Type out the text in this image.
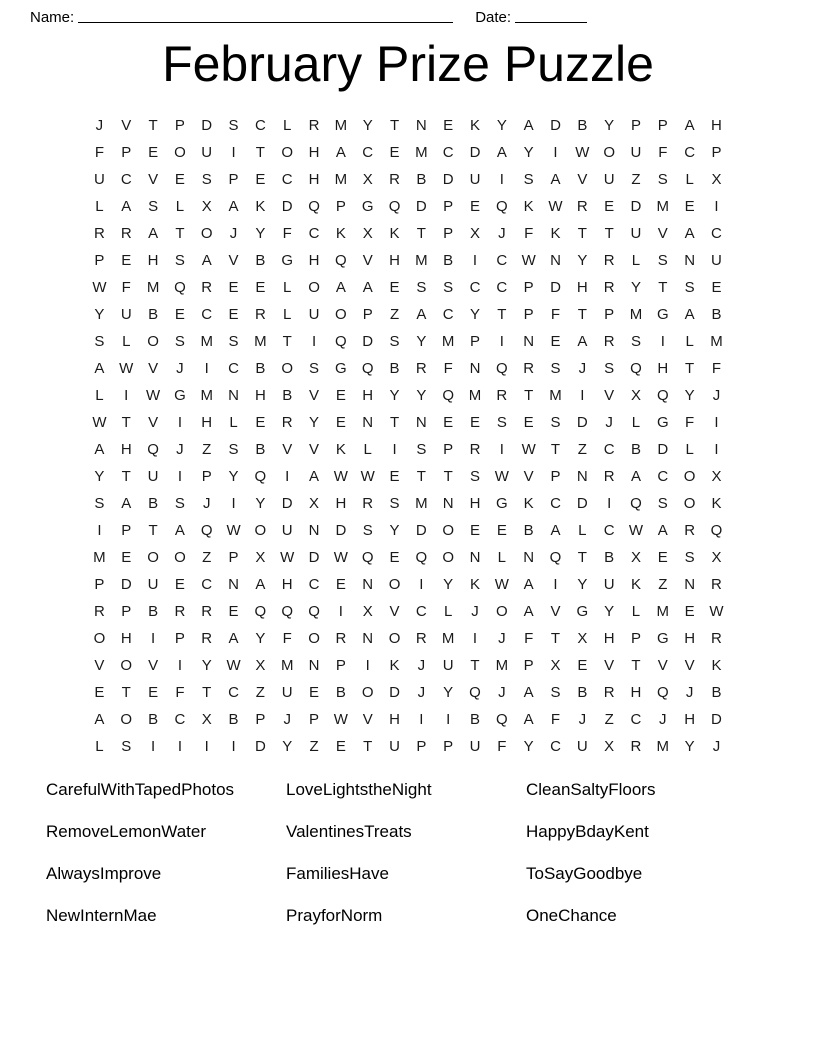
Name:	Date:
February Prize Puzzle
J	V	T	P	D	S	C	L	R	M	Y	T	N	E	K	Y	A	D	B	Y	P	P	A	H
F	P	E	O	U	I	T	O	H	A	C	E	M	C	D	A	Y	I	W O	U	F	C	P
U	C	V	E	S	P	E	C	H	M	X	R	B	D	U	I	S	A	V	U	Z	S	L	X
L	A	S	L	X	A	K	D	Q	P	G	Q	D	P	E	Q	K W R	E	D	M	E	I
R	R	A	T	O	J	Y	F	C	K	X	K	T	P	X	J	F	K	T	T	U	V	A	C
P	E	H	S	A	V	B	G	H	Q	V	H	M	B	I	C W N	Y	R	L	S	N	U
W	F	M Q	R	E	E	L	O	A	A	E	S	S	C	C	P	D	H	R	Y	T	S	E
Y	U	B	E	C	E	R	L	U	O	P	Z	A	C	Y	T	P	F	T	P	M G	A	B
S	L	O	S	M	S	M	T	I	Q	D	S	Y	M	P	I	N	E	A	R	S	I	L	M
A W V	J	I	C	B	O	S	G	Q	B	R	F	N	Q	R	S	J	S	Q	H	T	F
L	I	W G M	N	H	B	V	E	H	Y	Y	Q M	R	T	M	I	V	X	Q	Y	J
W	T	V	I	H	L	E	R	Y	E	N	T	N	E	E	S	E	S	D	J	L	G	F	I
A	H	Q	J	Z	S	B	V	V	K	L	I	S	P	R	I	W	T	Z	C	B	D	L	I
Y	T	U	I	P	Y	Q	I	A W W E	T	T	S W V	P	N	R	A	C	O	X
S	A	B	S	J	I	Y	D	X	H	R	S	M	N	H	G	K	C	D	I	Q	S	O	K
I	P	T	A	Q W O	U	N	D	S	Y	D	O	E	E	B	A	L	C W A	R	Q
M	E	O	O	Z	P	X W D W Q	E	Q	O	N	L	N	Q	T	B	X	E	S	X
P	D	U	E	C	N	A	H	C	E	N	O	I	Y	K W A	I	Y	U	K	Z	N	R
R	P	B	R	R	E	Q	Q	Q	I	X	V	C	L	J	O	A	V	G	Y	L	M	E W
O	H	I	P	R	A	Y	F	O	R	N	O	R	M	I	J	F	T	X	H	P	G	H	R
V	O	V	I	Y W X	M	N	P	I	K	J	U	T	M	P	X	E	V	T	V	V	K
E	T	E	F	T	C	Z	U	E	B	O	D	J	Y	Q	J	A	S	B	R	H	Q	J	B
A	O	B	C	X	B	P	J	P W V	H	I	I	B	Q	A	F	J	Z	C	J	H	D
L	S	I	I	I	I	D	Y	Z	E	T	U	P	P	U	F	Y	C	U	X	R	M	Y	J
CarefulWithTapedPhotos	LoveLightstheNight	CleanSaltyFloors
RemoveLemonWater	ValentinesTreats	HappyBdayKent
AlwaysImprove	FamiliesHave	ToSayGoodbye
NewInternMae	PrayforNorm	OneChance
